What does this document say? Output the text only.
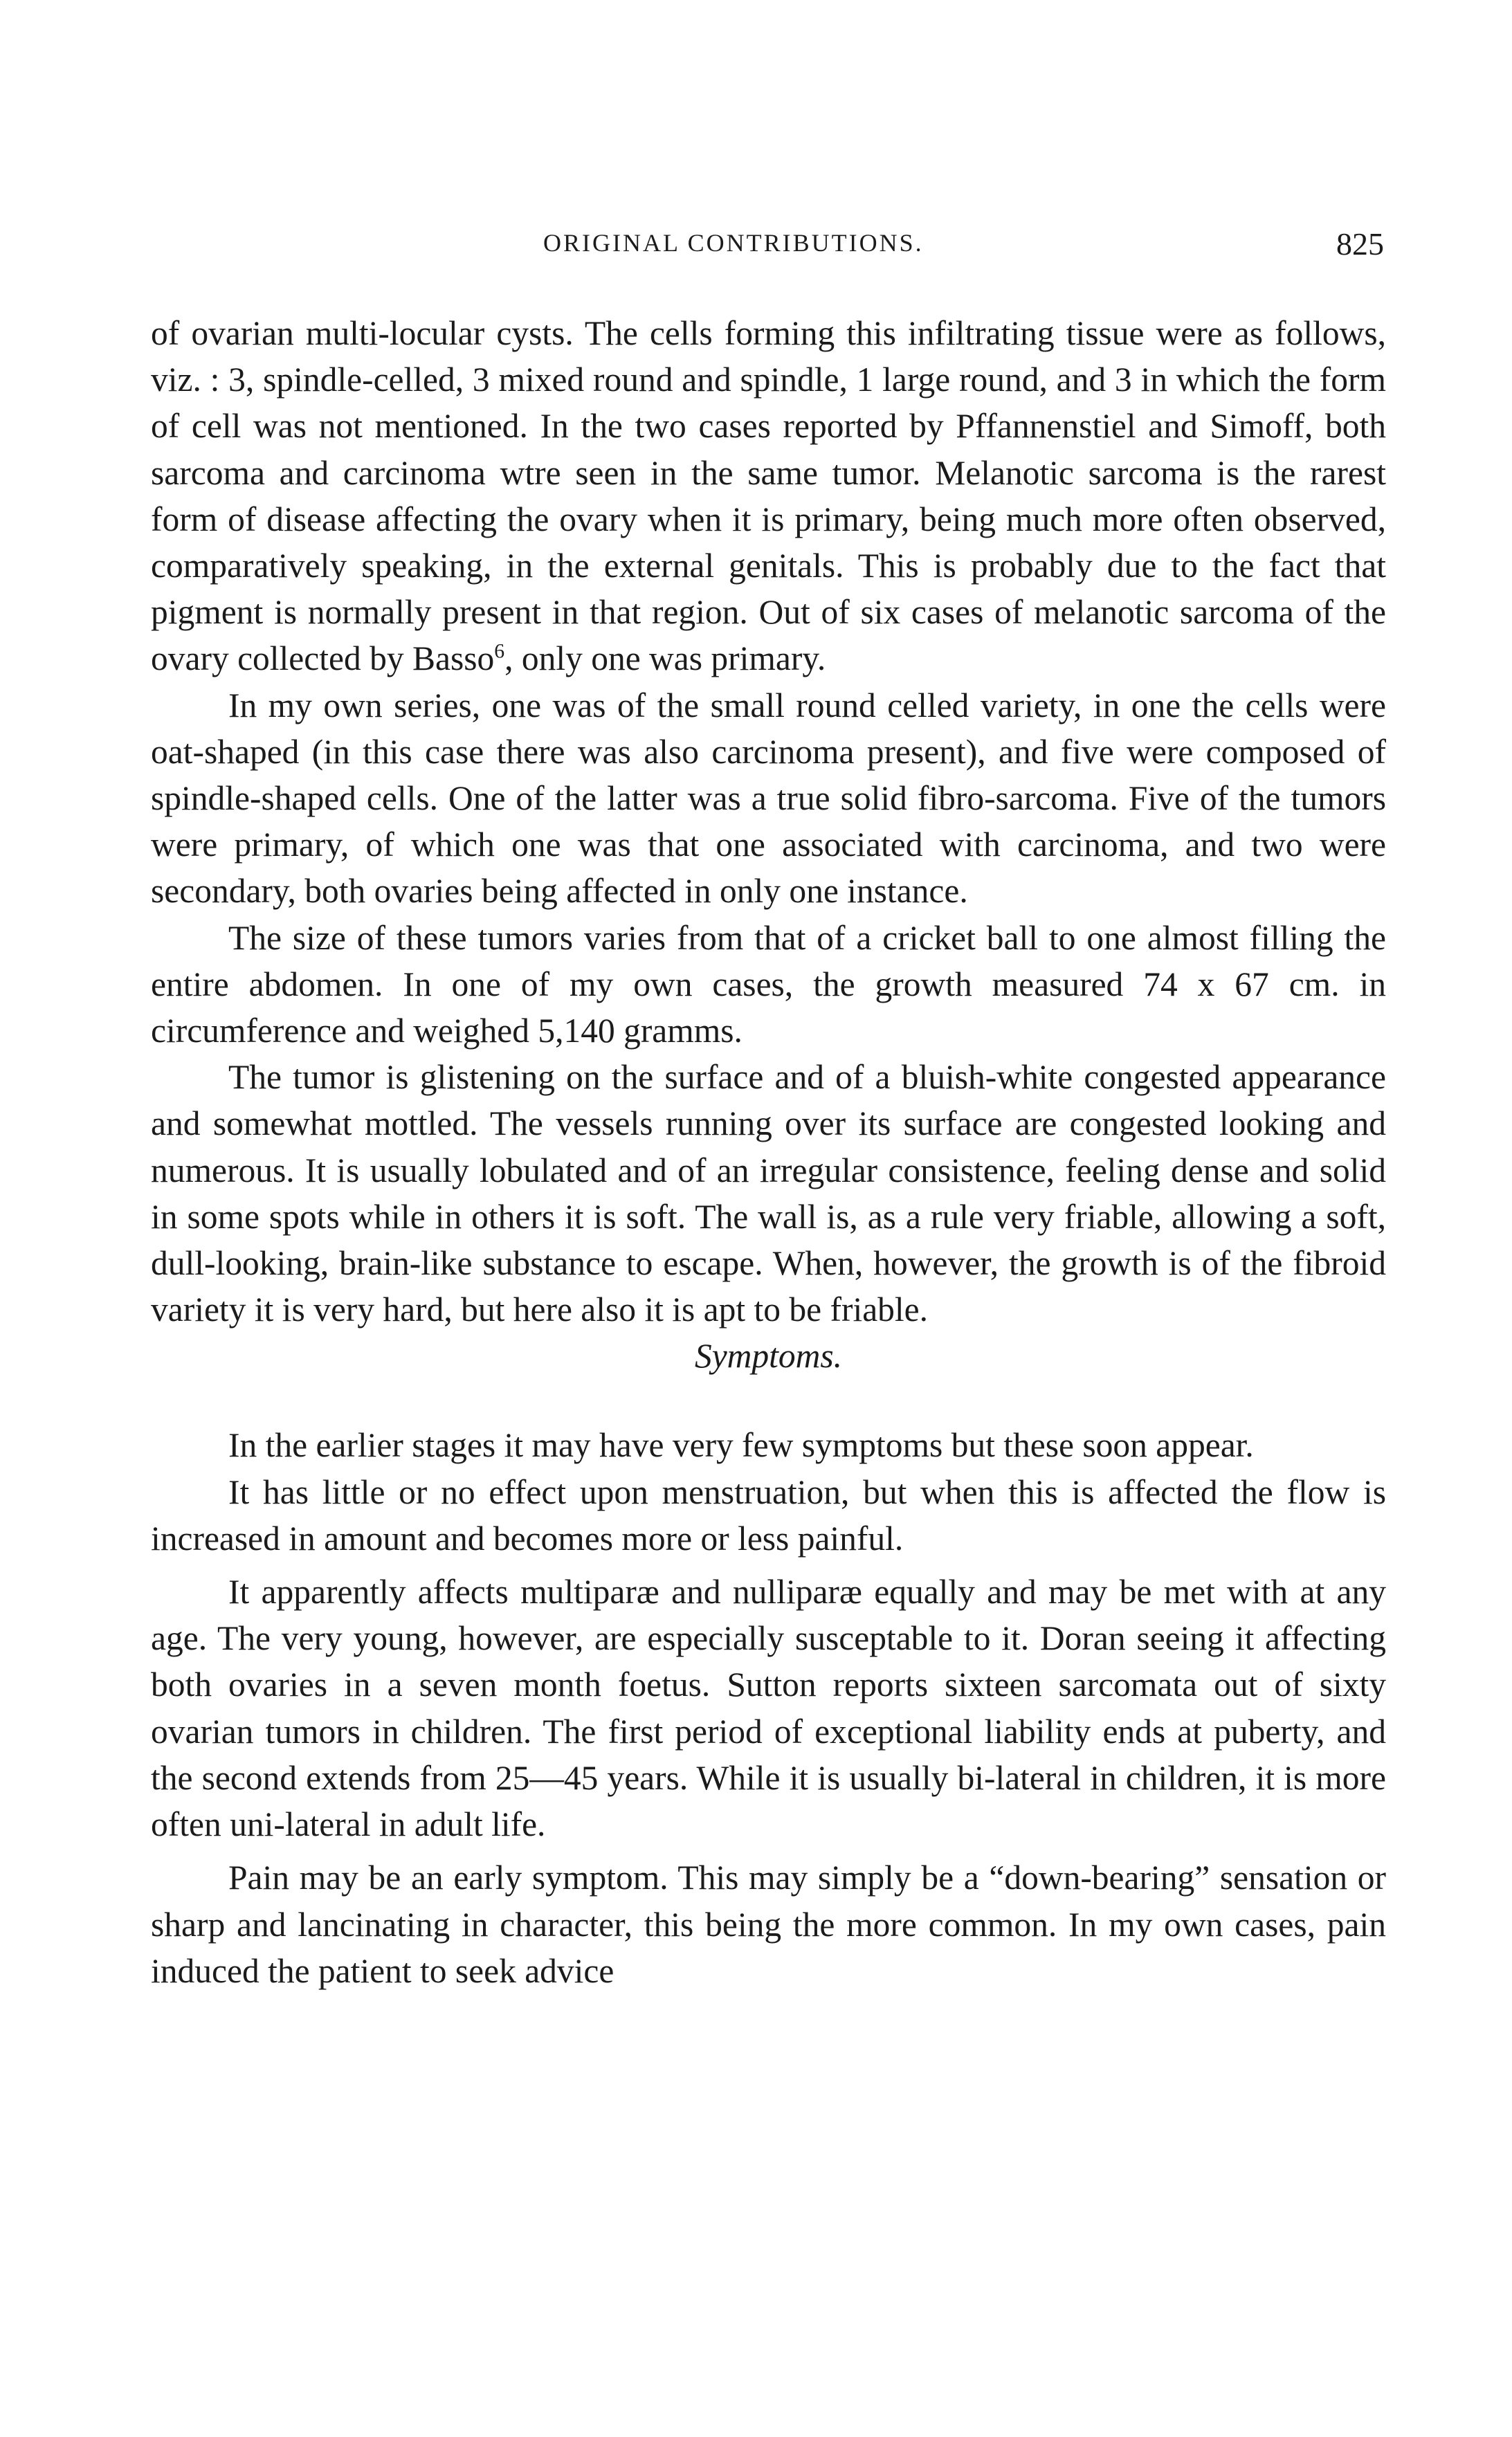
ORIGINAL CONTRIBUTIONS.	825

of ovarian multi-locular cysts. The cells forming this infiltrating tissue were as follows, viz. : 3, spindle-celled, 3 mixed round and spindle, 1 large round, and 3 in which the form of cell was not mentioned. In the two cases reported by Pffannenstiel and Simoff, both sarcoma and carcinoma wtre seen in the same tumor. Melanotic sarcoma is the rarest form of disease affecting the ovary when it is primary, being much more often observed, comparatively speaking, in the external genitals. This is probably due to the fact that pigment is normally present in that region. Out of six cases of melanotic sarcoma of the ovary collected by Basso$^6$, only one was primary.

In my own series, one was of the small round celled variety, in one the cells were oat-shaped (in this case there was also carcinoma present), and five were composed of spindle-shaped cells. One of the latter was a true solid fibro-sarcoma. Five of the tumors were primary, of which one was that one associated with carcinoma, and two were secondary, both ovaries being affected in only one instance.

The size of these tumors varies from that of a cricket ball to one almost filling the entire abdomen. In one of my own cases, the growth measured 74 x 67 cm. in circumference and weighed 5,140 gramms.

The tumor is glistening on the surface and of a bluish-white congested appearance and somewhat mottled. The vessels running over its surface are congested looking and numerous. It is usually lobulated and of an irregular consistence, feeling dense and solid in some spots while in others it is soft. The wall is, as a rule very friable, allowing a soft, dull-looking, brain-like substance to escape. When, however, the growth is of the fibroid variety it is very hard, but here also it is apt to be friable.

Symptoms.

In the earlier stages it may have very few symptoms but these soon appear.

It has little or no effect upon menstruation, but when this is affected the flow is increased in amount and becomes more or less painful.

It apparently affects multiparæ and nulliparæ equally and may be met with at any age. The very young, however, are especially susceptable to it. Doran seeing it affecting both ovaries in a seven month foetus. Sutton reports sixteen sarcomata out of sixty ovarian tumors in children. The first period of exceptional liability ends at puberty, and the second extends from 25—45 years. While it is usually bi-lateral in children, it is more often uni-lateral in adult life.

Pain may be an early symptom. This may simply be a “down-bearing” sensation or sharp and lancinating in character, this being the more common. In my own cases, pain induced the patient to seek advice
